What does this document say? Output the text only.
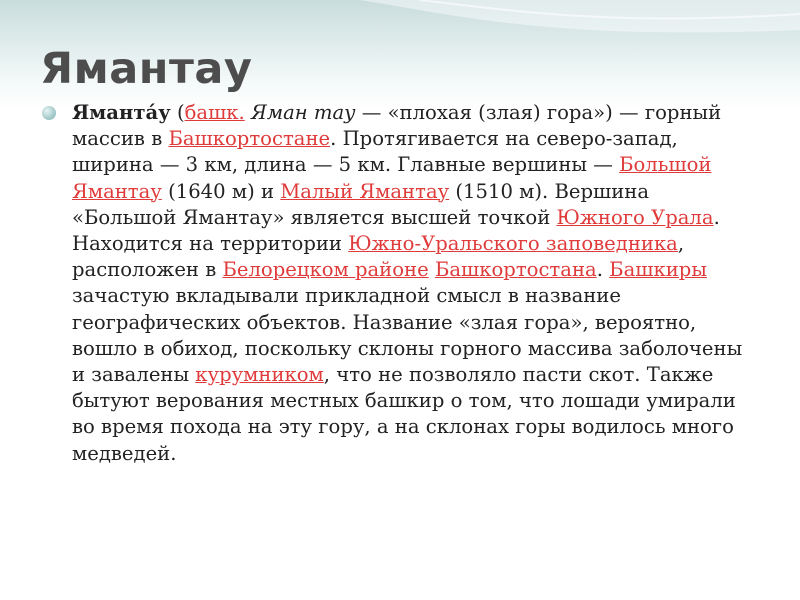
Ямантау

Яманта́у (башк. Яман тау — «плохая (злая) гора») — горный массив в Башкортостане. Протягивается на северо-запад, ширина — 3 км, длина — 5 км. Главные вершины — Большой Ямантау (1640 м) и Малый Ямантау (1510 м). Вершина «Большой Ямантау» является высшей точкой Южного Урала. Находится на территории Южно-Уральского заповедника, расположен в Белорецком районе Башкортостана. Башкиры зачастую вкладывали прикладной смысл в название географических объектов. Название «злая гора», вероятно, вошло в обиход, поскольку склоны горного массива заболочены и завалены курумником, что не позволяло пасти скот. Также бытуют верования местных башкир о том, что лошади умирали во время похода на эту гору, а на склонах горы водилось много медведей.
